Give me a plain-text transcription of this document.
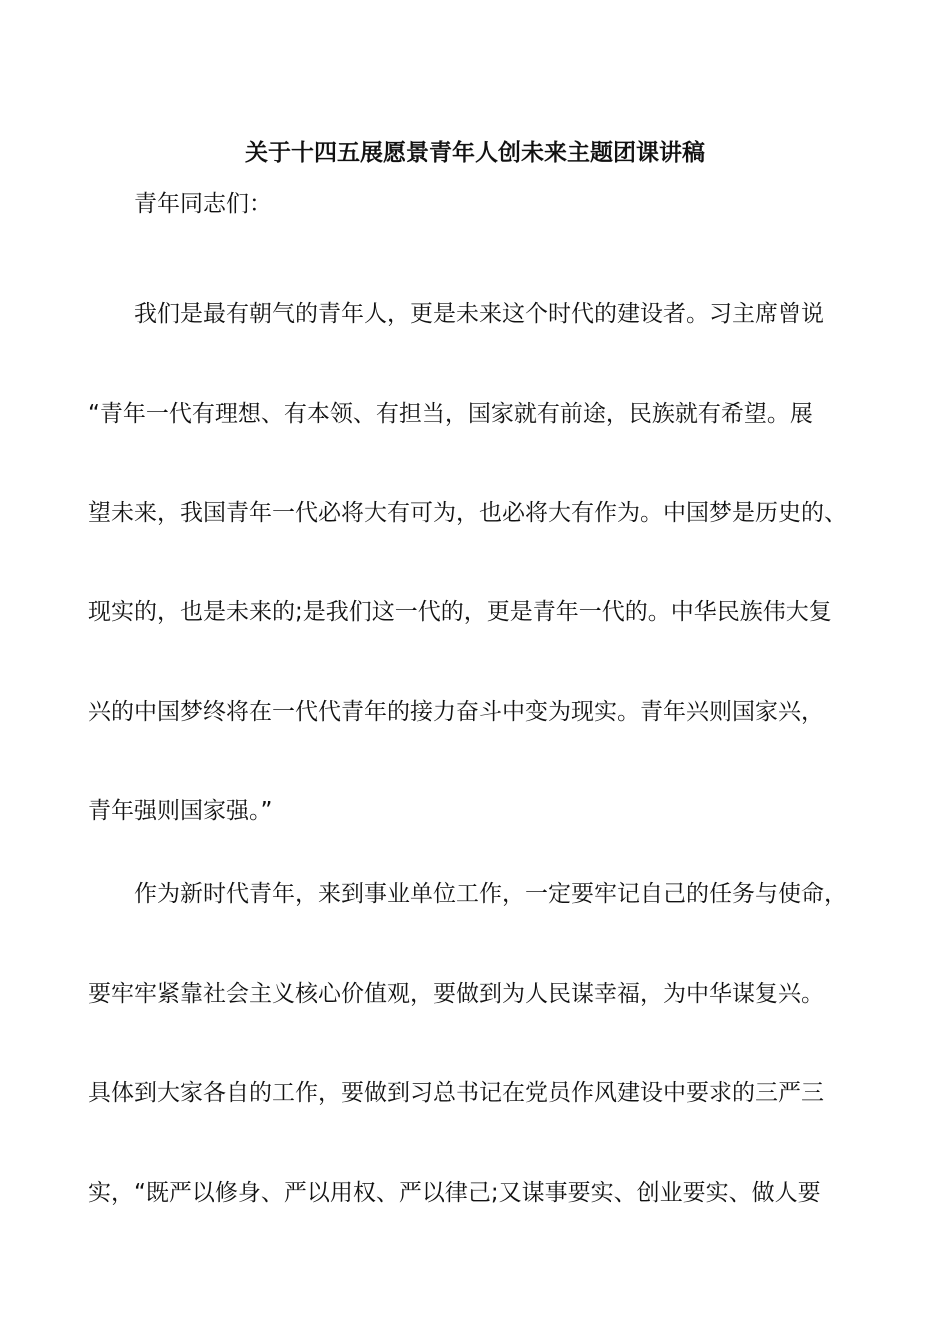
关于十四五展愿景青年人创未来主题团课讲稿
青年同志们：
我们是最有朝气的青年人，更是未来这个时代的建设者。习主席曾说
“青年一代有理想、有本领、有担当，国家就有前途，民族就有希望。展
望未来，我国青年一代必将大有可为，也必将大有作为。中国梦是历史的、
现实的，也是未来的;是我们这一代的，更是青年一代的。中华民族伟大复
兴的中国梦终将在一代代青年的接力奋斗中变为现实。青年兴则国家兴，
青年强则国家强。”
作为新时代青年，来到事业单位工作，一定要牢记自己的任务与使命，
要牢牢紧靠社会主义核心价值观，要做到为人民谋幸福，为中华谋复兴。
具体到大家各自的工作，要做到习总书记在党员作风建设中要求的三严三
实，“既严以修身、严以用权、严以律己;又谋事要实、创业要实、做人要
